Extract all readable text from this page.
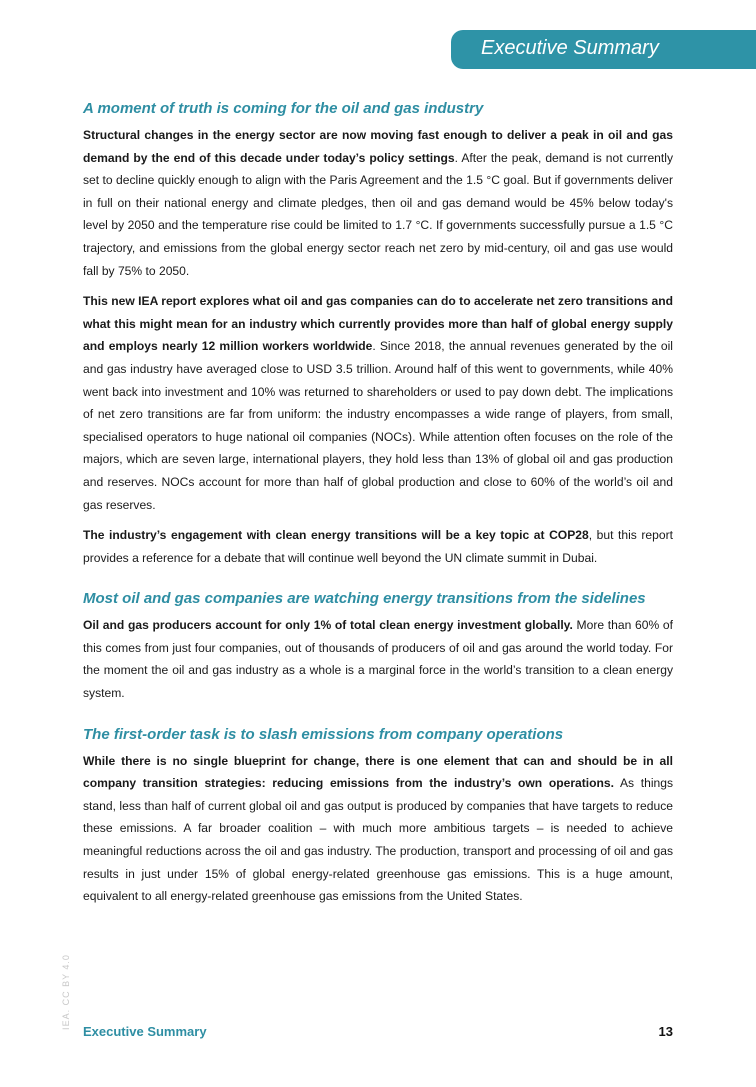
Executive Summary
A moment of truth is coming for the oil and gas industry

Structural changes in the energy sector are now moving fast enough to deliver a peak in oil and gas demand by the end of this decade under today’s policy settings. After the peak, demand is not currently set to decline quickly enough to align with the Paris Agreement and the 1.5 °C goal. But if governments deliver in full on their national energy and climate pledges, then oil and gas demand would be 45% below today's level by 2050 and the temperature rise could be limited to 1.7 °C. If governments successfully pursue a 1.5 °C trajectory, and emissions from the global energy sector reach net zero by mid-century, oil and gas use would fall by 75% to 2050.

This new IEA report explores what oil and gas companies can do to accelerate net zero transitions and what this might mean for an industry which currently provides more than half of global energy supply and employs nearly 12 million workers worldwide. Since 2018, the annual revenues generated by the oil and gas industry have averaged close to USD 3.5 trillion. Around half of this went to governments, while 40% went back into investment and 10% was returned to shareholders or used to pay down debt. The implications of net zero transitions are far from uniform: the industry encompasses a wide range of players, from small, specialised operators to huge national oil companies (NOCs). While attention often focuses on the role of the majors, which are seven large, international players, they hold less than 13% of global oil and gas production and reserves. NOCs account for more than half of global production and close to 60% of the world’s oil and gas reserves.

The industry’s engagement with clean energy transitions will be a key topic at COP28, but this report provides a reference for a debate that will continue well beyond the UN climate summit in Dubai.

Most oil and gas companies are watching energy transitions from the sidelines

Oil and gas producers account for only 1% of total clean energy investment globally. More than 60% of this comes from just four companies, out of thousands of producers of oil and gas around the world today. For the moment the oil and gas industry as a whole is a marginal force in the world’s transition to a clean energy system.

The first-order task is to slash emissions from company operations

While there is no single blueprint for change, there is one element that can and should be in all company transition strategies: reducing emissions from the industry’s own operations. As things stand, less than half of current global oil and gas output is produced by companies that have targets to reduce these emissions. A far broader coalition – with much more ambitious targets – is needed to achieve meaningful reductions across the oil and gas industry. The production, transport and processing of oil and gas results in just under 15% of global energy-related greenhouse gas emissions. This is a huge amount, equivalent to all energy-related greenhouse gas emissions from the United States.

IEA. CC BY 4.0
Executive Summary	13
